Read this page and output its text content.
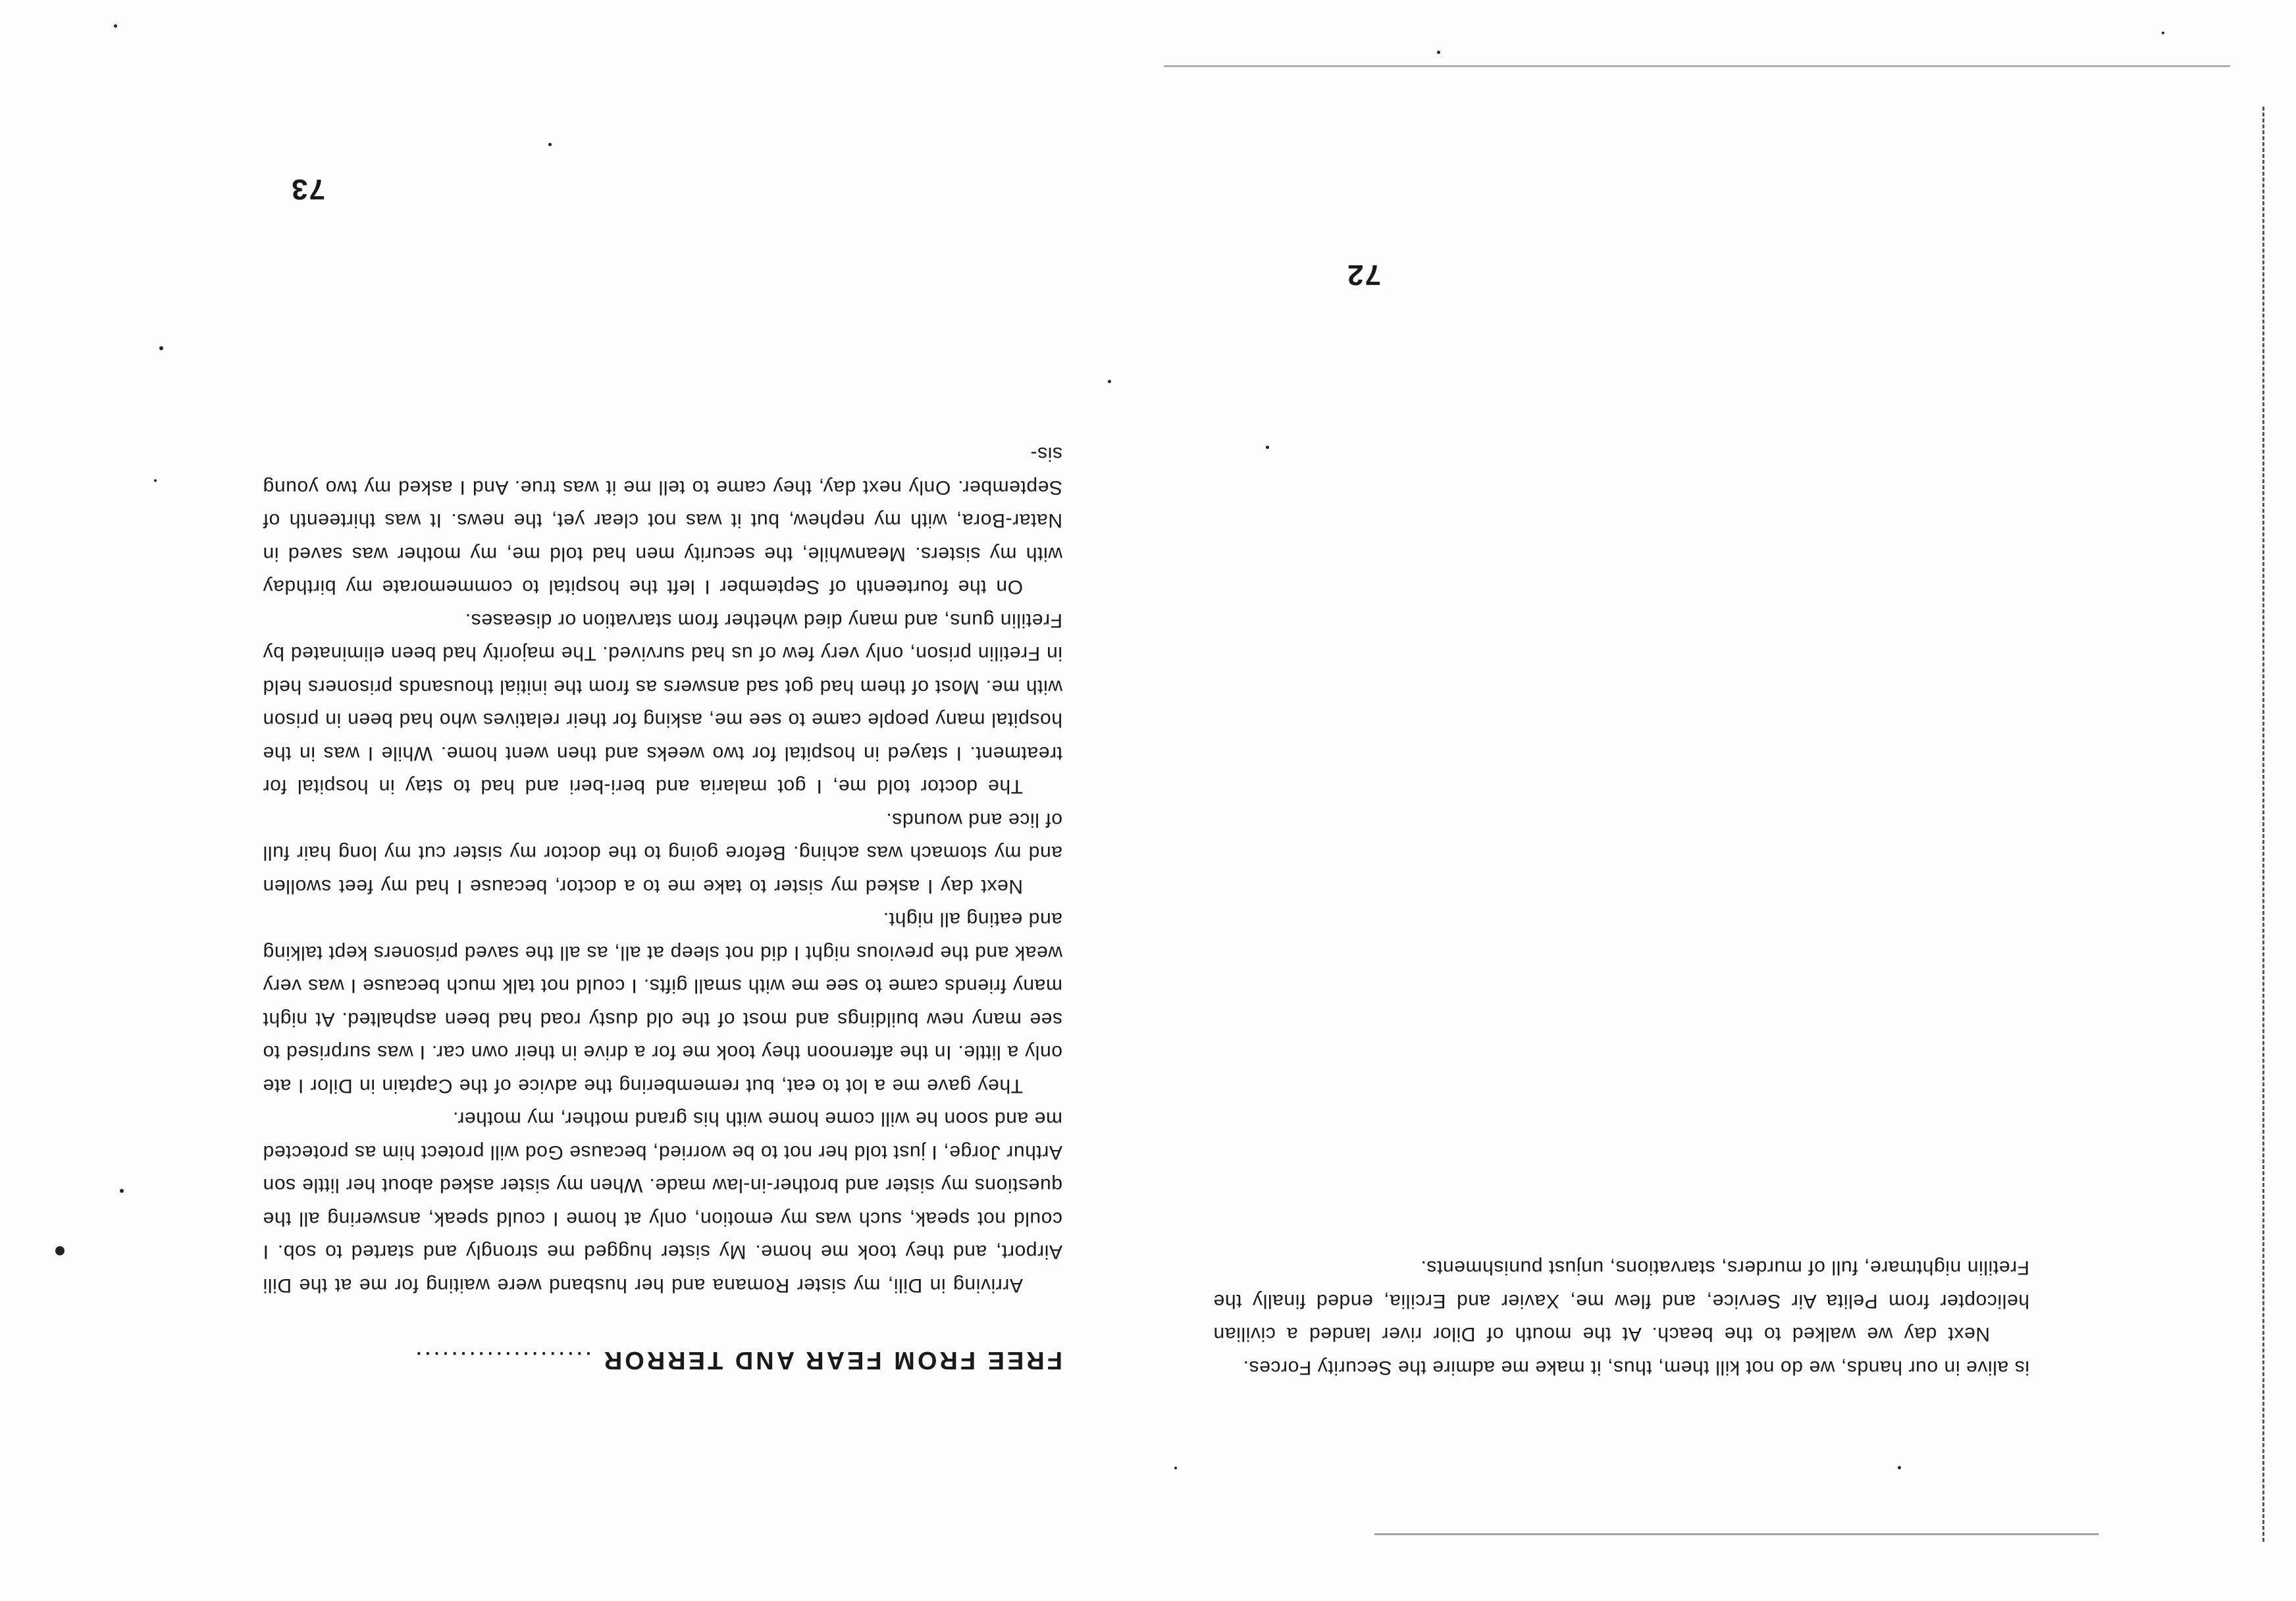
72

is alive in our hands, we do not kill them, thus, it make me admire the Security Forces.

Next day we walked to the beach. At the mouth of Dilor river landed a civilian helicopter from Pelita Air Service, and flew me, Xavier and Ercilia, ended finally the Fretilin nightmare, full of murders, starvations, unjust punishments.

73
FREE FROM FEAR AND TERROR ....................

Arriving in Dili, my sister Romana and her husband were waiting for me at the Dili Airport, and they took me home. My sister hugged me strongly and started to sob. I could not speak, such was my emotion, only at home I could speak, answering all the questions my sister and brother-in-law made. When my sister asked about her little son Arthur Jorge, I just told her not to be worried, because God will protect him as protected me and soon he will come home with his grand mother, my mother.

They gave me a lot to eat, but remembering the advice of the Captain in Dilor I ate only a little. In the afternoon they took me for a drive in their own car. I was surprised to see many new buildings and most of the old dusty road had been asphalted. At night many friends came to see me with small gifts. I could not talk much because I was very weak and the previous night I did not sleep at all, as all the saved prisoners kept talking and eating all night.

Next day I asked my sister to take me to a doctor, because I had my feet swollen and my stomach was aching. Before going to the doctor my sister cut my long hair full of lice and wounds.

The doctor told me, I got malaria and beri-beri and had to stay in hospital for treatment. I stayed in hospital for two weeks and then went home. While I was in the hospital many people came to see me, asking for their relatives who had been in prison with me. Most of them had got sad answers as from the initial thousands prisoners held in Fretilin prison, only very few of us had survived. The majority had been eliminated by Fretilin guns, and many died whether from starvation or diseases.

On the fourteenth of September I left the hospital to commemorate my birthday with my sisters. Meanwhile, the security men had told me, my mother was saved in Natar-Bora, with my nephew, but it was not clear yet, the news. It was thirteenth of September. Only next day, they came to tell me it was true. And I asked my two young sis-
